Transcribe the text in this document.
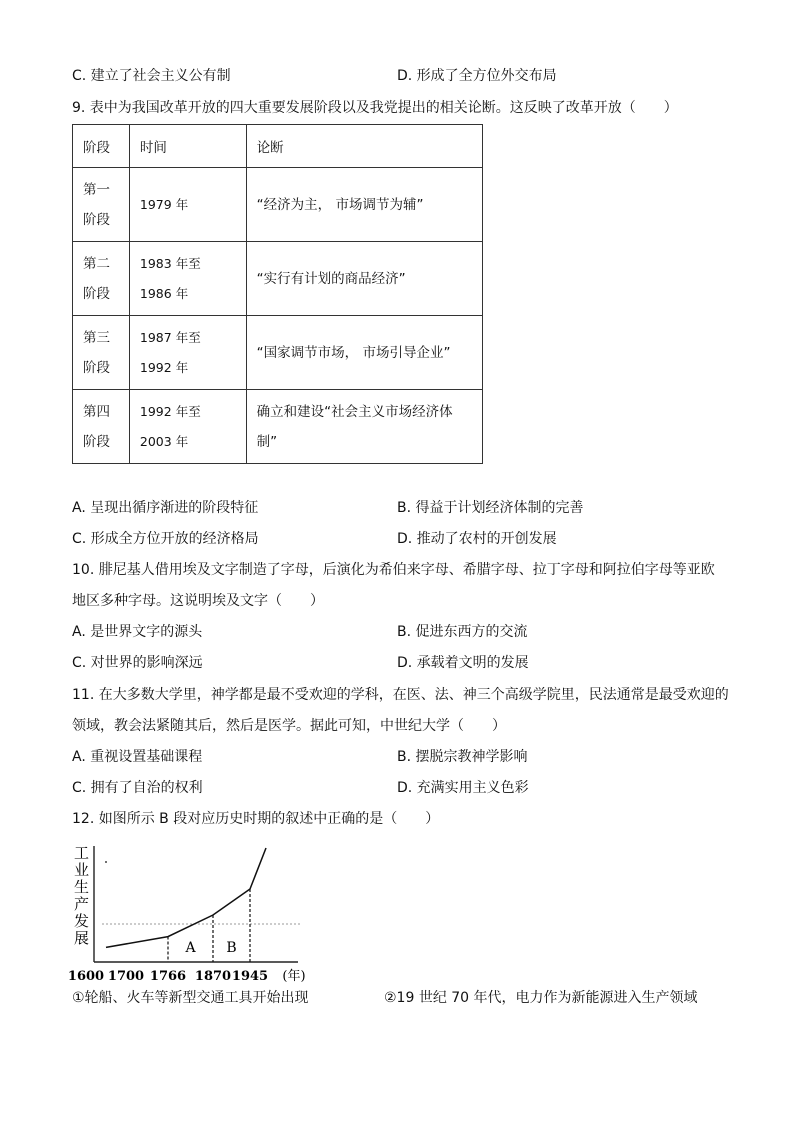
C. 建立了社会主义公有制	D. 形成了全方位外交布局
9. 表中为我国改革开放的四大重要发展阶段以及我党提出的相关论断。这反映了改革开放（　　）
阶段	时间	论断
第一阶段	1979 年	“经济为主， 市场调节为辅”
第二阶段	1983 年至 1986 年	“实行有计划的商品经济”
第三阶段	1987 年至 1992 年	“国家调节市场， 市场引导企业”
第四阶段	1992 年至 2003 年	确立和建设“社会主义市场经济体制”
A. 呈现出循序渐进的阶段特征	B. 得益于计划经济体制的完善
C. 形成全方位开放的经济格局	D. 推动了农村的开创发展
10. 腓尼基人借用埃及文字制造了字母，后演化为希伯来字母、希腊字母、拉丁字母和阿拉伯字母等亚欧
地区多种字母。这说明埃及文字（　　）
A. 是世界文字的源头	B. 促进东西方的交流
C. 对世界的影响深远	D. 承载着文明的发展
11. 在大多数大学里，神学都是最不受欢迎的学科，在医、法、神三个高级学院里，民法通常是最受欢迎的
领域，教会法紧随其后，然后是医学。据此可知，中世纪大学（　　）
A. 重视设置基础课程	B. 摆脱宗教神学影响
C. 拥有了自治的权利	D. 充满实用主义色彩
12. 如图所示 B 段对应历史时期的叙述中正确的是（　　）
工
业
生
产
发
展
A B
1600 1700 1766 1870 1945 (年)
①轮船、火车等新型交通工具开始出现	②19 世纪 70 年代，电力作为新能源进入生产领域
